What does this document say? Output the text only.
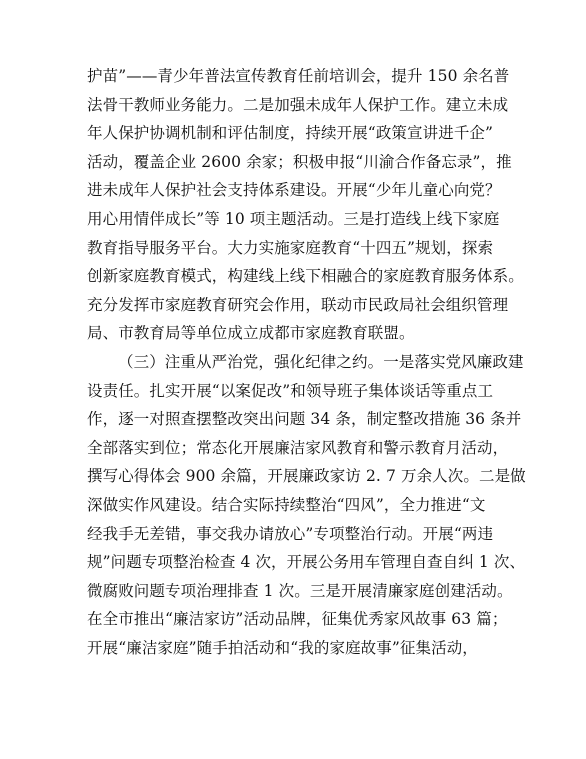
护苗”——青少年普法宣传教育任前培训会，提升 150 余名普
法骨干教师业务能力。二是加强未成年人保护工作。建立未成
年人保护协调机制和评估制度，持续开展“政策宣讲进千企”
活动，覆盖企业 2600 余家；积极申报“川渝合作备忘录”，推
进未成年人保护社会支持体系建设。开展“少年儿童心向党？
用心用情伴成长”等 10 项主题活动。三是打造线上线下家庭
教育指导服务平台。大力实施家庭教育“十四五”规划，探索
创新家庭教育模式，构建线上线下相融合的家庭教育服务体系。
充分发挥市家庭教育研究会作用，联动市民政局社会组织管理
局、市教育局等单位成立成都市家庭教育联盟。
（三）注重从严治党，强化纪律之约。一是落实党风廉政建
设责任。扎实开展“以案促改”和领导班子集体谈话等重点工
作，逐一对照查摆整改突出问题 34 条，制定整改措施 36 条并
全部落实到位；常态化开展廉洁家风教育和警示教育月活动，
撰写心得体会 900 余篇，开展廉政家访 2. 7 万余人次。二是做
深做实作风建设。结合实际持续整治“四风”，全力推进“文
经我手无差错，事交我办请放心”专项整治行动。开展“两违
规”问题专项整治检查 4 次，开展公务用车管理自查自纠 1 次、
微腐败问题专项治理排查 1 次。三是开展清廉家庭创建活动。
在全市推出“廉洁家访”活动品牌，征集优秀家风故事 63 篇；
开展“廉洁家庭”随手拍活动和“我的家庭故事”征集活动，
